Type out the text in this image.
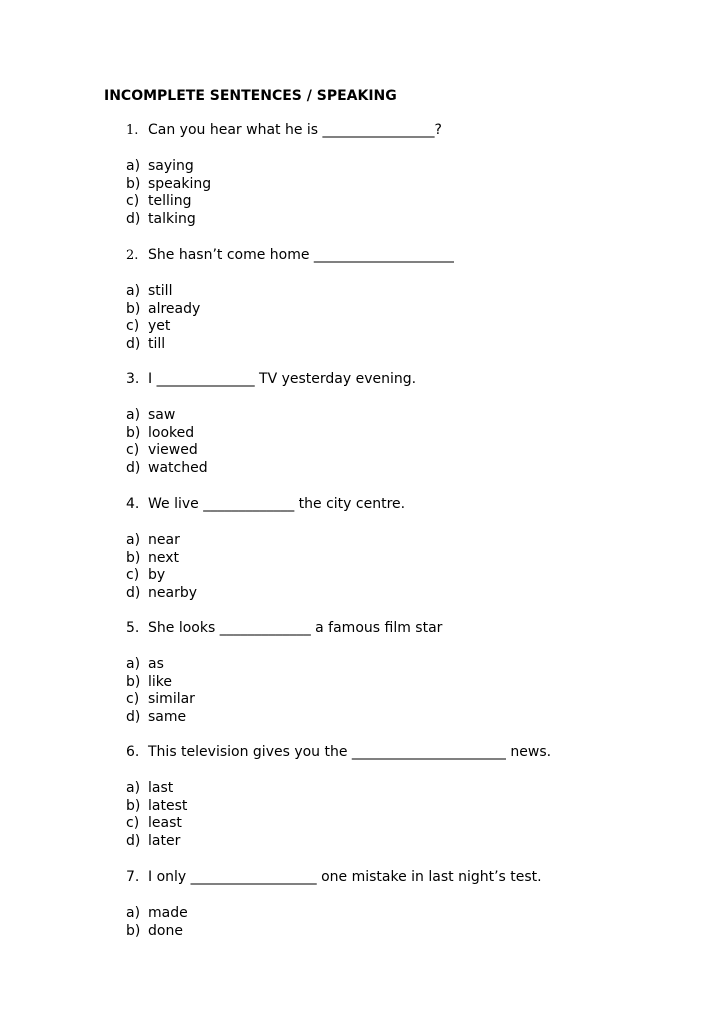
INCOMPLETE SENTENCES / SPEAKING
1. Can you hear what he is ________________?
a) saying
b) speaking
c) telling
d) talking
2. She hasn’t come home ____________________
a) still
b) already
c) yet
d) till
3. I ______________ TV yesterday evening.
a) saw
b) looked
c) viewed
d) watched
4. We live _____________ the city centre.
a) near
b) next
c) by
d) nearby
5. She looks _____________ a famous film star
a) as
b) like
c) similar
d) same
6. This television gives you the ______________________ news.
a) last
b) latest
c) least
d) later
7. I only __________________ one mistake in last night’s test.
a) made
b) done
